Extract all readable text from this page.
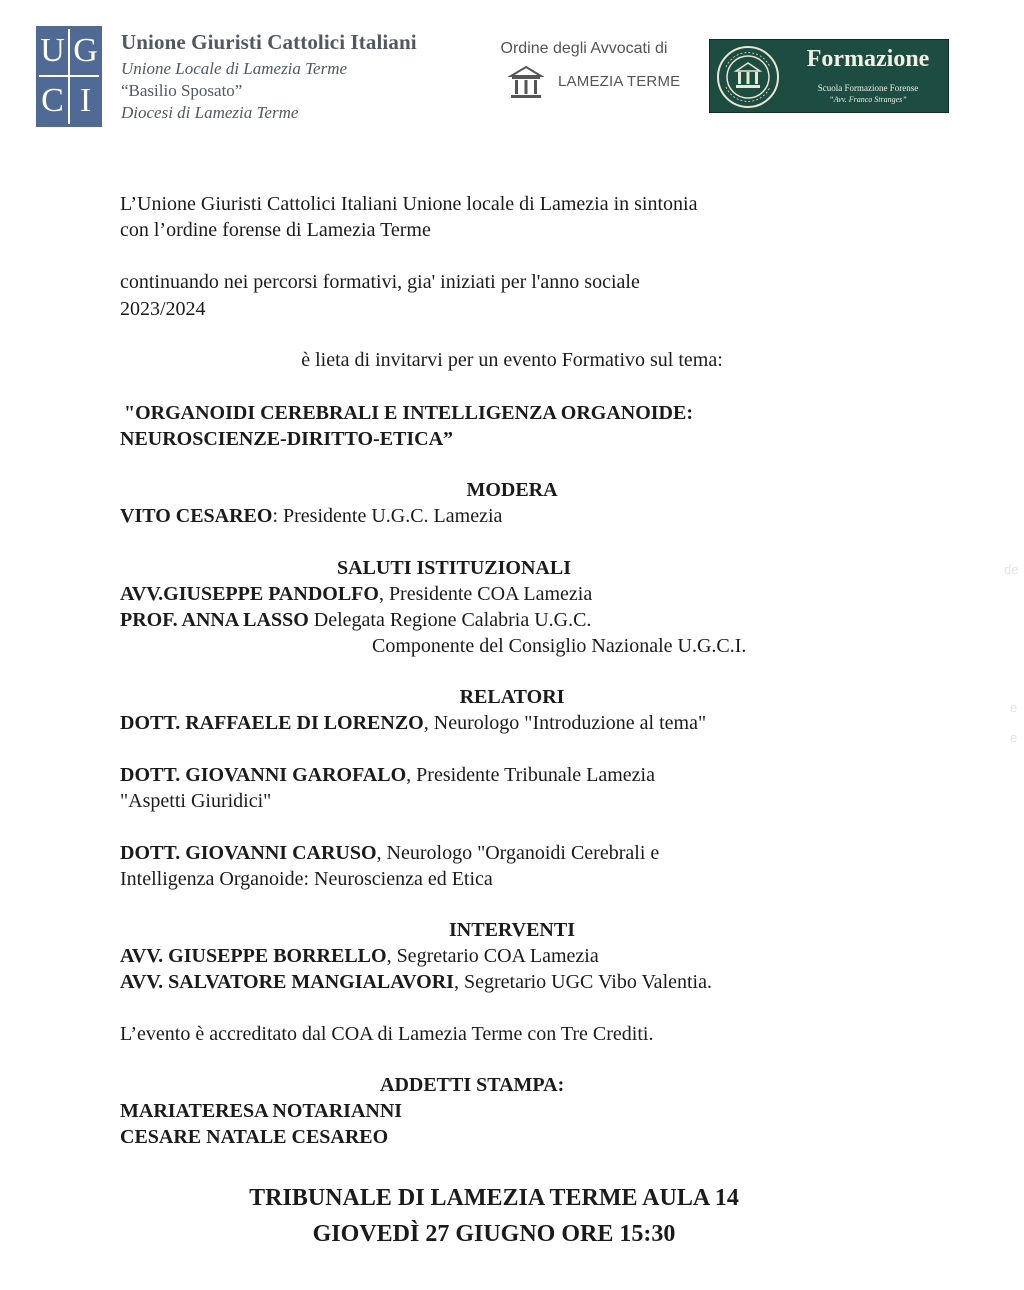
U G
C I
Unione Giuristi Cattolici Italiani
Unione Locale di Lamezia Terme
“Basilio Sposato”
Diocesi di Lamezia Terme
Ordine degli Avvocati di
LAMEZIA TERME
Formazione
Scuola Formazione Forense
“Avv. Franco Stranges”
L’Unione Giuristi Cattolici Italiani Unione locale di Lamezia in sintonia
con l’ordine forense di Lamezia Terme
continuando nei percorsi formativi, gia' iniziati per l'anno sociale
2023/2024
è lieta di invitarvi per un evento Formativo sul tema:
"ORGANOIDI CEREBRALI E INTELLIGENZA ORGANOIDE:
NEUROSCIENZE-DIRITTO-ETICA”
MODERA
VITO CESAREO: Presidente U.G.C. Lamezia
SALUTI ISTITUZIONALI
AVV.GIUSEPPE PANDOLFO, Presidente COA Lamezia
PROF. ANNA LASSO Delegata Regione Calabria U.G.C.
Componente del Consiglio Nazionale U.G.C.I.
RELATORI
DOTT. RAFFAELE DI LORENZO, Neurologo "Introduzione al tema"
DOTT. GIOVANNI GAROFALO, Presidente Tribunale Lamezia
"Aspetti Giuridici"
DOTT. GIOVANNI CARUSO, Neurologo "Organoidi Cerebrali e
Intelligenza Organoide: Neuroscienza ed Etica
INTERVENTI
AVV. GIUSEPPE BORRELLO, Segretario COA Lamezia
AVV. SALVATORE MANGIALAVORI, Segretario UGC Vibo Valentia.
L’evento è accreditato dal COA di Lamezia Terme con Tre Crediti.
ADDETTI STAMPA:
MARIATERESA NOTARIANNI
CESARE NATALE CESAREO
TRIBUNALE DI LAMEZIA TERME AULA 14
GIOVEDÌ 27 GIUGNO ORE 15:30
de
e
e
